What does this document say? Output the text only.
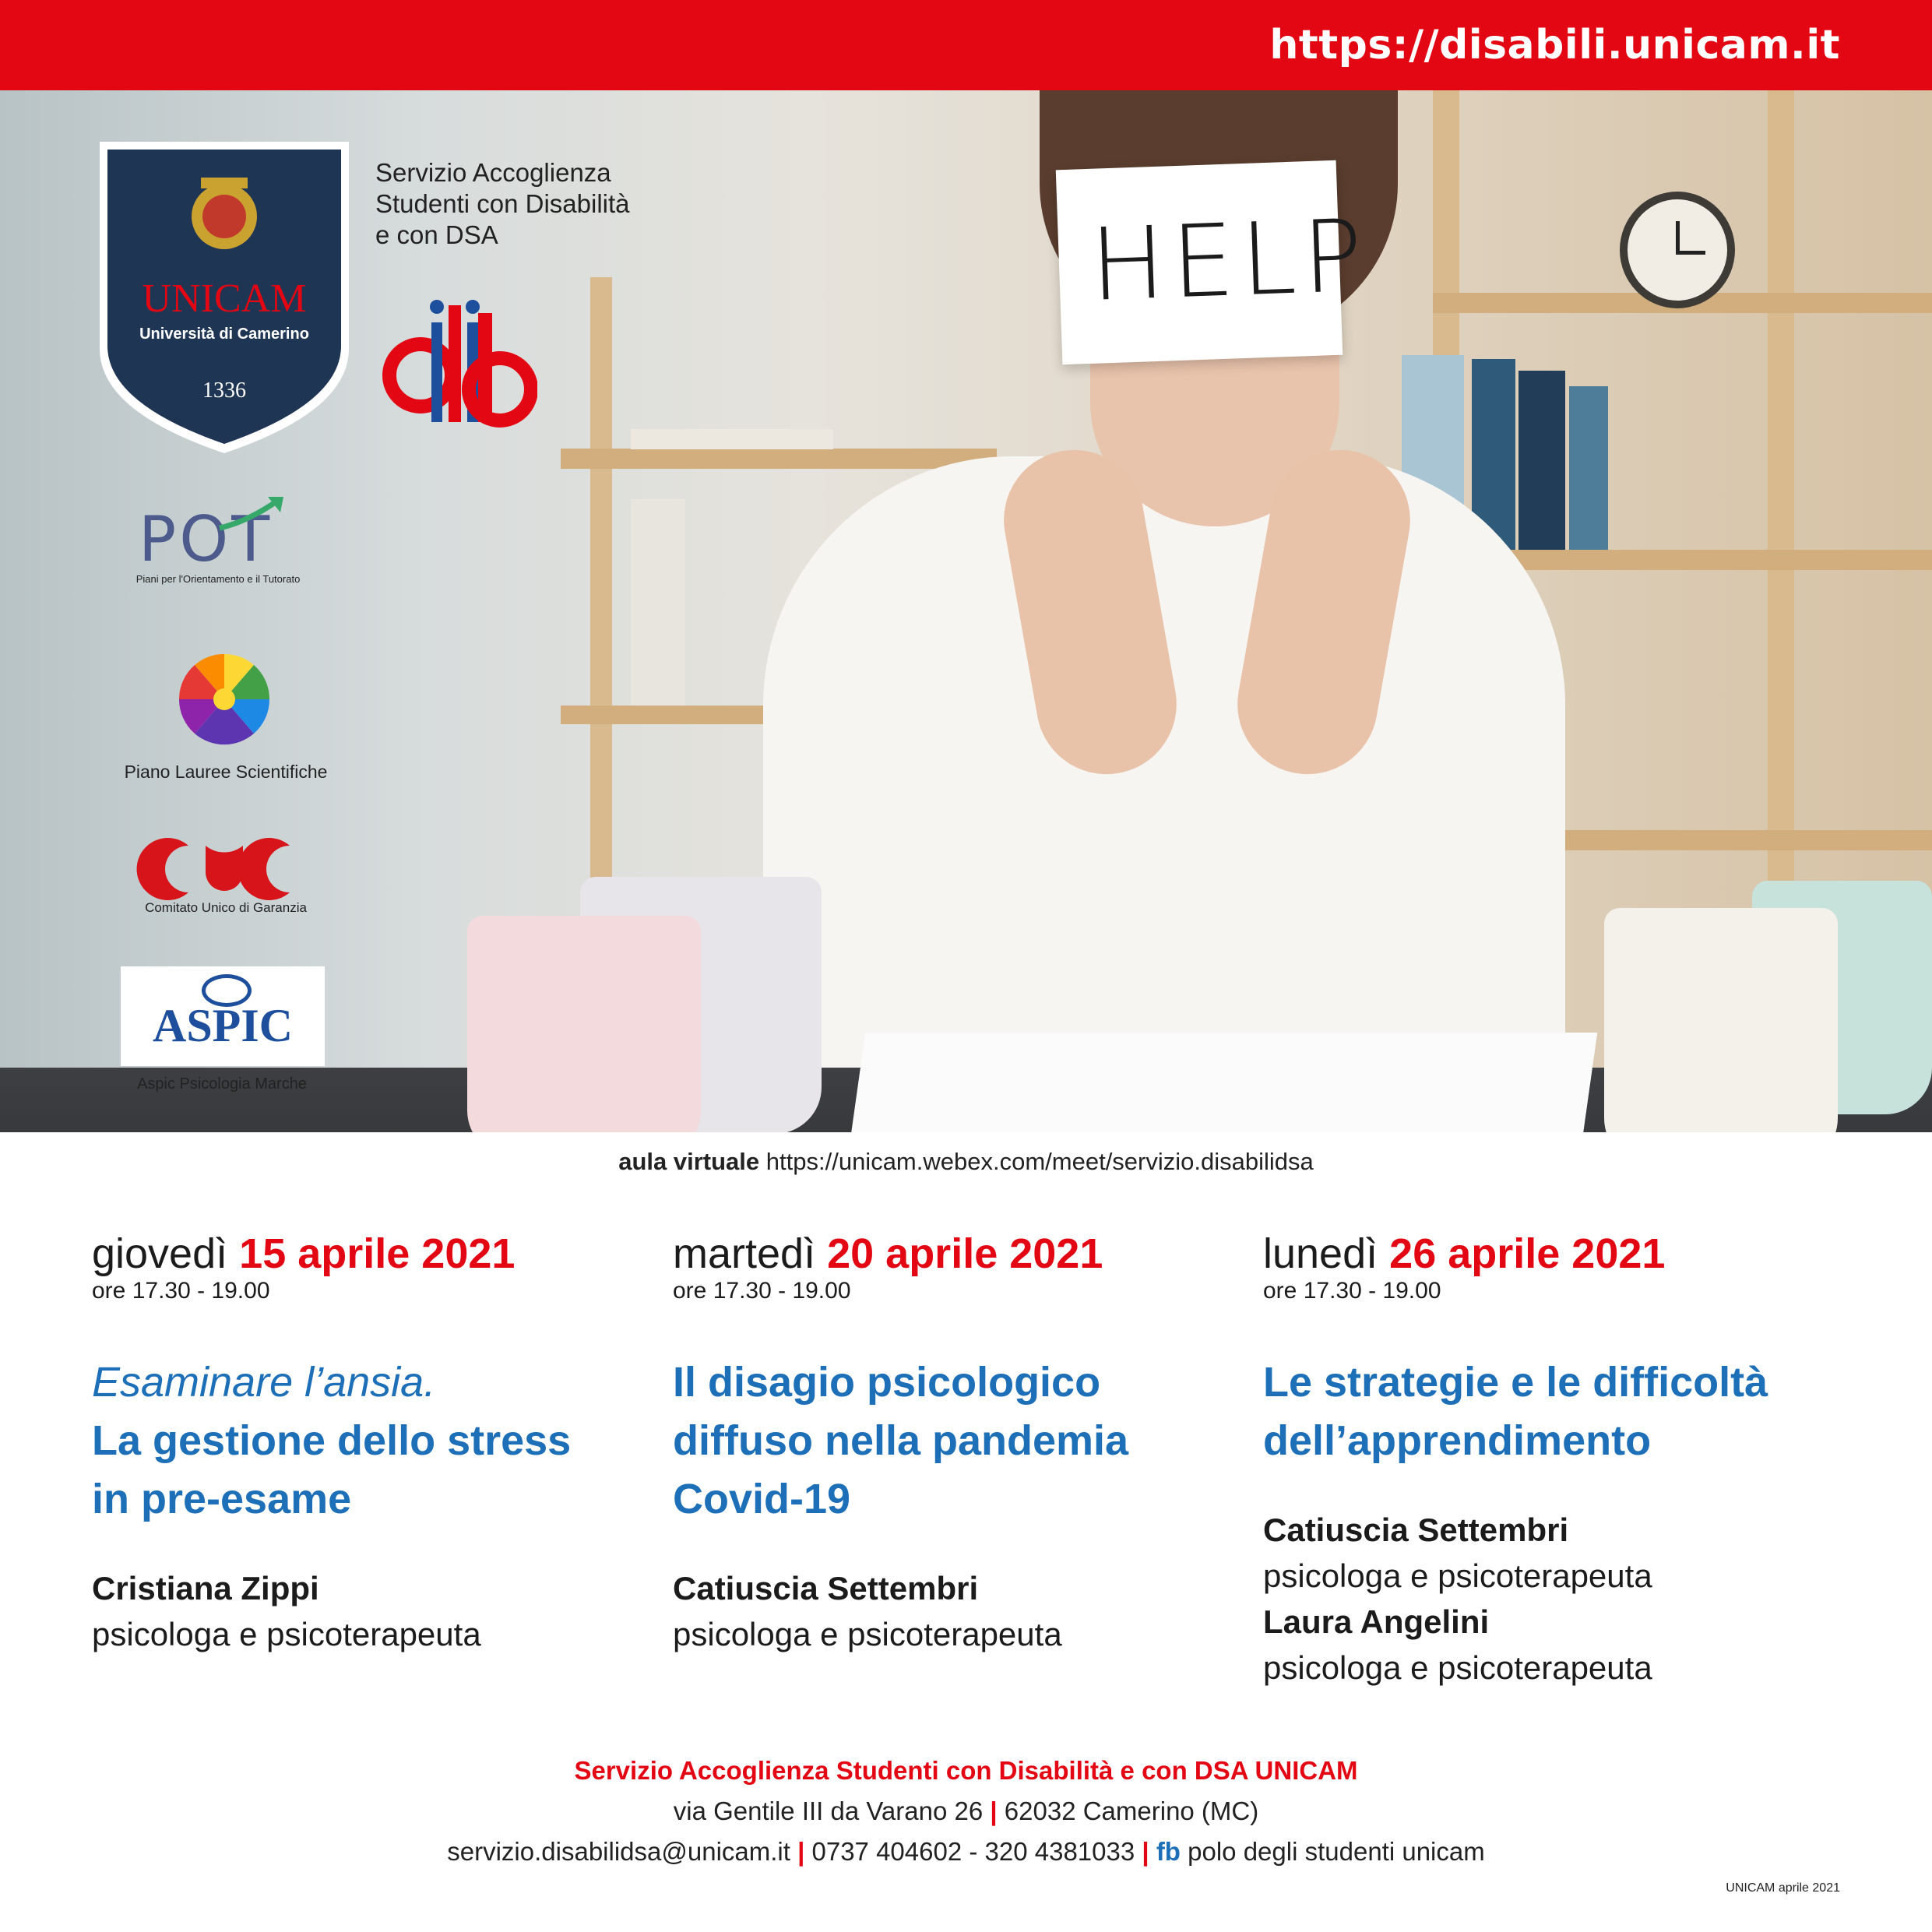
https://disabili.unicam.it
HELP
UNICAM
Università di Camerino
1336
Servizio Accoglienza
Studenti con Disabilità
e con DSA
POT
Piani per l'Orientamento e il Tutorato
Piano Lauree Scientifiche
Comitato Unico di Garanzia
ASPIC
Aspic Psicologia Marche
aula virtuale https://unicam.webex.com/meet/servizio.disabilidsa
giovedì 15 aprile 2021
ore 17.30 - 19.00
Esaminare l’ansia.
La gestione dello stress
in pre-esame
Cristiana Zippi
psicologa e psicoterapeuta
martedì 20 aprile 2021
ore 17.30 - 19.00
Il disagio psicologico
diffuso nella pandemia
Covid-19
Catiuscia Settembri
psicologa e psicoterapeuta
lunedì 26 aprile 2021
ore 17.30 - 19.00
Le strategie e le difficoltà
dell’apprendimento
Catiuscia Settembri
psicologa e psicoterapeuta
Laura Angelini
psicologa e psicoterapeuta
Servizio Accoglienza Studenti con Disabilità e con DSA UNICAM
via Gentile III da Varano 26 | 62032 Camerino (MC)
servizio.disabilidsa@unicam.it | 0737 404602 - 320 4381033 | fb polo degli studenti unicam
UNICAM aprile 2021
